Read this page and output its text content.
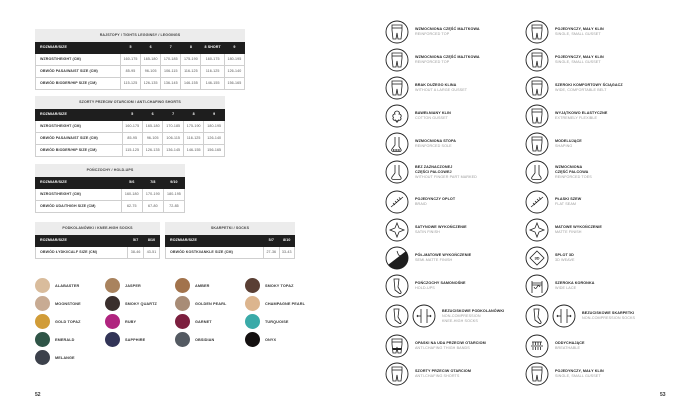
RAJSTOPY / TIGHTS LEGGINSY / LEGGINGS						
ROZMIAR/SIZE	5	6	7	8	8 SHORT	9
WZROST/HEIGHT (CM)	160-175	165-180	170-185	175-190	160-175	180-195
OBWÓD PASA/WAIST SIZE (CM)	85-95	96-105	106-115	116-125	116-125	126-140
OBWÓD BIODER/HIP SIZE (CM)	115-125	126-135	136-145	146-155	146-155	156-165
SZORTY PRZECIW OTARCIOM / ANTI-CHAFING SHORTS					
ROZMIAR/SIZE	5	6	7	8	9
WZROST/HEIGHT (CM)	160-175	165-180	170-185	175-190	180-195
OBWÓD PASA/WAIST SIZE (CM)	85-95	96-105	106-115	116-125	126-140
OBWÓD BIODER/HIP SIZE (CM)	115-125	126-135	136-145	146-155	156-165
POŃCZOCHY / HOLD-UPS			
ROZMIAR/SIZE	5/6	7/8	9/10
WZROST/HEIGHT (CM)	160-180	170-190	180-195
OBWÓD UDA/THIGH SIZE (CM)	62-75	67-80	72-85
PODKOLANÓWKI / KNEE-HIGH SOCKS		
ROZMIAR/SIZE	5/7	8/10
OBWÓD ŁYDKI/CALF SIZE (CM)	38-46	43-51
SKARPETKI / SOCKS		
ROZMIAR/SIZE	5/7	8/10
OBWÓD KOSTKI/ANKLE SIZE (CM)	27-36	33-43
ALABASTER	JASPER	AMBER	SMOKY TOPAZ
MOONSTONE	SMOKY QUARTZ	GOLDEN PEARL	CHAMPAGNE PEARL
GOLD TOPAZ	RUBY	GARNET	TURQUOISE
EMERALD	SAPPHIRE	OBSIDIAN	ONYX
MELANGE
52
WZMOCNIONA CZĘŚĆ MAJTKOWA
REINFORCED TOP
WZMOCNIONA CZĘŚĆ MAJTKOWA
REINFORCED TOP
BRAK DUŻEGO KLINA
WITHOUT A LARGE GUSSET
BAWEŁNIANY KLIN
COTTON GUSSET
WZMOCNIONA STOPA
REINFORCED SOLE
BEZ ZAZNACZONEJ
CZĘŚCI PALCOWEJ
WITHOUT FINGER PART MARKED
POJEDYNCZY OPLOT
BRAID
SATYNOWE WYKOŃCZENIE
SATIN FINISH
PÓŁ-MATOWE WYKOŃCZENIE
SEMI-MATTE FINISH
POŃCZOCHY SAMONOŚNE
HOLD-UPS
BEZUCISKOWE PODKOLANÓWKI
NON-COMPRESSION
KNEE-HIGH SOCKS
OPASKI NA UDA PRZECIW OTARCIOM
ANTI-CHAFING THIGH BANDS
SZORTY PRZECIW OTARCIOM
ANTI-CHAFING SHORTS
POJEDYNCZY, MAŁY KLIN
SINGLE, SMALL GUSSET
POJEDYNCZY, MAŁY KLIN
SINGLE, SMALL GUSSET
SZEROKI KOMFORTOWY ŚCIĄGACZ
WIDE, COMFORTABLE BELT
WYJĄTKOWO ELASTYCZNE
EXTREMELY FLEXIBLE
MODELUJĄCE
SHAPING
WZMOCNIONA
CZĘŚĆ PALCOWA
REINFORCED TOES
PŁASKI SZEW
FLAT SEAM
MATOWE WYKOŃCZENIE
MATTE FINISH
3D
SPLOT 3D
3D WEAVE
SZEROKA KORONKA
WIDE LACE
BEZUCISKOWE SKARPETKI
NON-COMPRESSION SOCKS
ODDYCHAJĄCE
BREATHABLE
POJEDYNCZY, MAŁY KLIN
SINGLE, SMALL GUSSET
53
